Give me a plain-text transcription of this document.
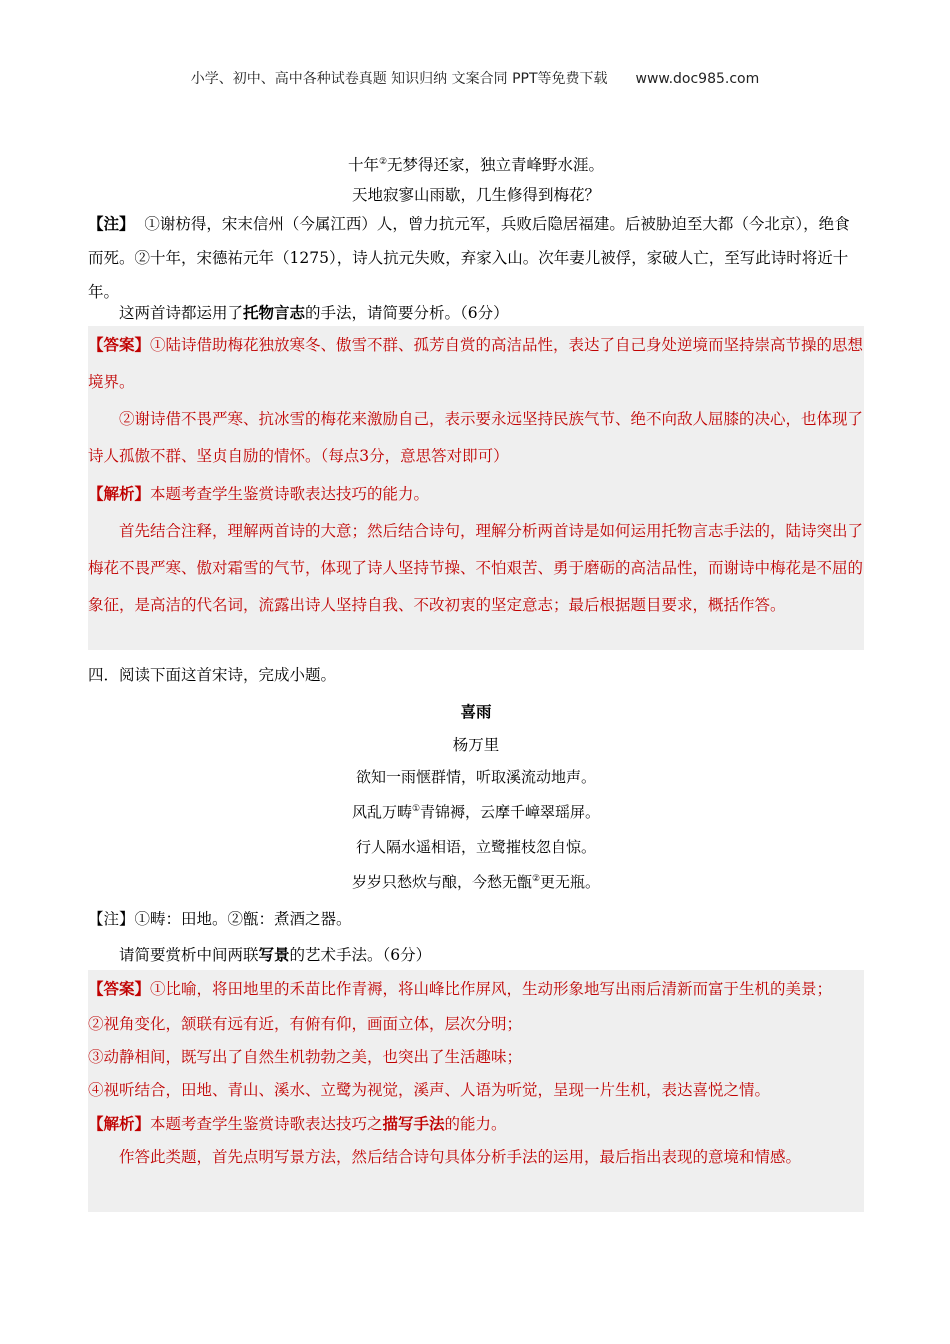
小学、初中、高中各种试卷真题 知识归纳 文案合同 PPT等免费下载 www.doc985.com
十年②无梦得还家，独立青峰野水涯。
天地寂寥山雨歇，几生修得到梅花？
【注】 ①谢枋得，宋末信州（今属江西）人，曾力抗元军，兵败后隐居福建。后被胁迫至大都（今北京），绝食而死。②十年，宋德祐元年（1275），诗人抗元失败，弃家入山。次年妻儿被俘，家破人亡，至写此诗时将近十年。
这两首诗都运用了托物言志的手法，请简要分析。（6分）

【答案】①陆诗借助梅花独放寒冬、傲雪不群、孤芳自赏的高洁品性，表达了自己身处逆境而坚持崇高节操的思想境界。

②谢诗借不畏严寒、抗冰雪的梅花来激励自己，表示要永远坚持民族气节、绝不向敌人屈膝的决心，也体现了诗人孤傲不群、坚贞自励的情怀。（每点3分，意思答对即可）

【解析】本题考查学生鉴赏诗歌表达技巧的能力。

首先结合注释，理解两首诗的大意；然后结合诗句，理解分析两首诗是如何运用托物言志手法的，陆诗突出了梅花不畏严寒、傲对霜雪的气节，体现了诗人坚持节操、不怕艰苦、勇于磨砺的高洁品性，而谢诗中梅花是不屈的象征，是高洁的代名词，流露出诗人坚持自我、不改初衷的坚定意志；最后根据题目要求，概括作答。

四．阅读下面这首宋诗，完成小题。
喜雨
杨万里

欲知一雨惬群情，听取溪流动地声。

风乱万畴①青锦褥，云摩千嶂翠瑶屏。

行人隔水遥相语，立鹭摧枝忽自惊。

岁岁只愁炊与酿，今愁无甑②更无瓶。

【注】①畴：田地。②甑：煮酒之器。
请简要赏析中间两联写景的艺术手法。（6分）

【答案】①比喻，将田地里的禾苗比作青褥，将山峰比作屏风，生动形象地写出雨后清新而富于生机的美景；

②视角变化，颔联有远有近，有俯有仰，画面立体，层次分明；

③动静相间，既写出了自然生机勃勃之美，也突出了生活趣味；

④视听结合，田地、青山、溪水、立鹭为视觉，溪声、人语为听觉，呈现一片生机，表达喜悦之情。

【解析】本题考查学生鉴赏诗歌表达技巧之描写手法的能力。

作答此类题，首先点明写景方法，然后结合诗句具体分析手法的运用，最后指出表现的意境和情感。
